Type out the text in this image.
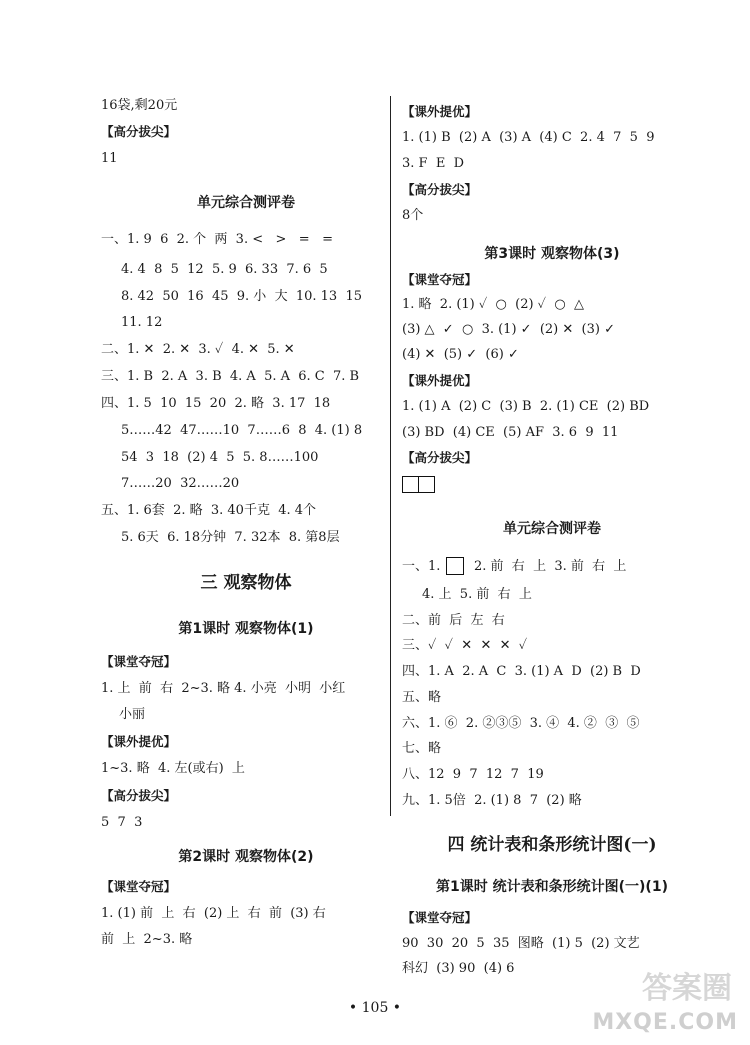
16袋,剩20元
【高分拔尖】
11
单元综合测评卷
一、1. 9  6  2. 个  两  3. <   >   =   =
4. 4  8  5  12  5. 9  6. 33  7. 6  5
8. 42  50  16  45  9. 小  大  10. 13  15
11. 12
二、1. ✕  2. ✕  3. ✓  4. ✕  5. ✕
三、1. B  2. A  3. B  4. A  5. A  6. C  7. B
四、1. 5  10  15  20  2. 略  3. 17  18
5……42  47……10  7……6  8  4. (1) 8
54  3  18  (2) 4  5  5. 8……100
7……20  32……20
五、1. 6套  2. 略  3. 40千克  4. 4个
5. 6天  6. 18分钟  7. 32本  8. 第8层
三 观察物体
第1课时 观察物体(1)
【课堂夺冠】
1. 上  前  右  2~3. 略 4. 小亮  小明  小红
小丽
【课外提优】
1~3. 略  4. 左(或右)  上
【高分拔尖】
5  7  3
第2课时 观察物体(2)
【课堂夺冠】
1. (1) 前  上  右  (2) 上  右  前  (3) 右
前  上  2~3. 略
【课外提优】
1. (1) B  (2) A  (3) A  (4) C  2. 4  7  5  9
3. F  E  D
【高分拔尖】
8个
第3课时 观察物体(3)
【课堂夺冠】
1. 略  2. (1) ✓  ○  (2) ✓  ○  △
(3) △  ✓  ○  3. (1) ✓  (2) ✕  (3) ✓
(4) ✕  (5) ✓  (6) ✓
【课外提优】
1. (1) A  (2) C  (3) B  2. (1) CE  (2) BD
(3) BD  (4) CE  (5) AF  3. 6  9  11
【高分拔尖】
单元综合测评卷
一、1.	2. 前  右  上  3. 前  右  上
4. 上  5. 前  右  上
二、前  后  左  右
三、✓  ✓  ✕  ✕  ✕  ✓
四、1. A  2. A  C  3. (1) A  D  (2) B  D
五、略
六、1. ⑥  2. ②③⑤  3. ④  4. ②  ③  ⑤
七、略
八、12  9  7  12  7  19
九、1. 5倍  2. (1) 8  7  (2) 略
四 统计表和条形统计图(一)
第1课时 统计表和条形统计图(一)(1)
【课堂夺冠】
90  30  20  5  35  图略  (1) 5  (2) 文艺
科幻  (3) 90  (4) 6
• 105 •
答案圈
MXQE.COM
